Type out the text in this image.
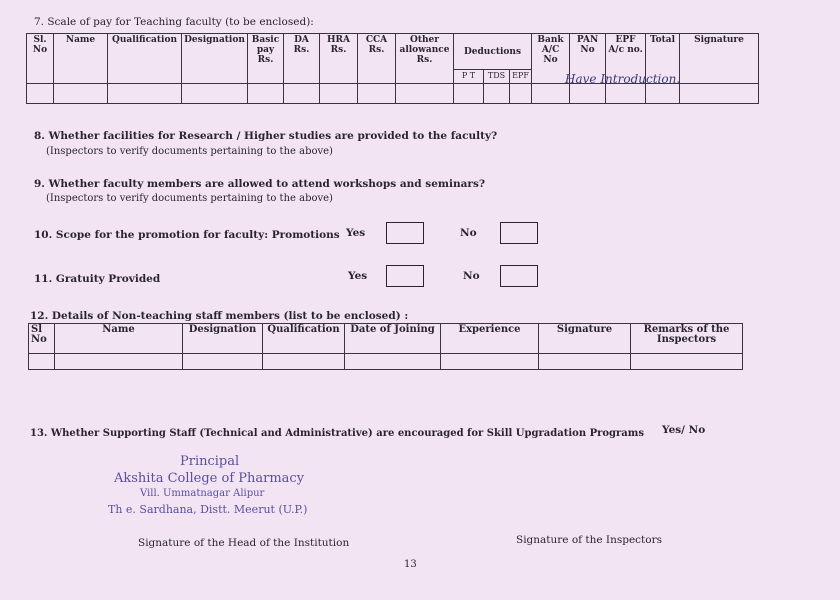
7. Scale of pay for Teaching faculty (to be enclosed):
Sl. No	Name	Qualification	Designation	Basic pay Rs.	DA Rs.	HRA Rs.	CCA Rs.	Other allowance Rs.	Deductions			Bank A/C No	PAN No	EPF A/c no.	Total	Signature
									P T	TDS	EPF					
																	Have Introduction.
8. Whether facilities for Research / Higher studies are provided to the faculty?
(Inspectors to verify documents pertaining to the above)
9. Whether faculty members are allowed to attend workshops and seminars?
(Inspectors to verify documents pertaining to the above)
10. Scope for the promotion for faculty: Promotions Yes	No
11. Gratuity Provided	Yes	No
12. Details of Non-teaching staff members (list to be enclosed) :
Sl No	Name	Designation	Qualification	Date of Joining	Experience	Signature	Remarks of the Inspectors

13. Whether Supporting Staff (Technical and Administrative) are encouraged for Skill Upgradation Programs Yes/ No
Principal
Akshita College of Pharmacy
Vill. Ummatnagar Alipur
Th e. Sardhana, Distt. Meerut (U.P.)
Signature of the Head of the Institution	Signature of the Inspectors
13
